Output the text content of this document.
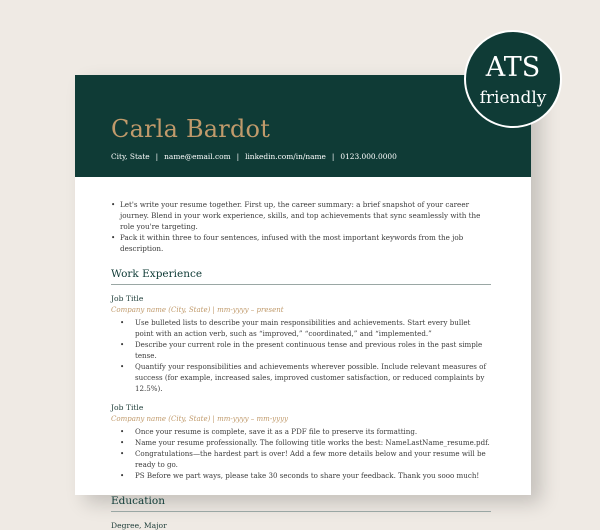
Carla Bardot
City, State | name@email.com | linkedin.com/in/name | 0123.000.0000
• Let's write your resume together. First up, the career summary: a brief snapshot of your career journey. Blend in your work experience, skills, and top achievements that sync seamlessly with the role you're targeting.
• Pack it within three to four sentences, infused with the most important keywords from the job description.
Work Experience
Job Title
Company name (City, State) | mm-yyyy – present
• Use bulleted lists to describe your main responsibilities and achievements. Start every bullet point with an action verb, such as “improved,” “coordinated,” and “implemented.”
• Describe your current role in the present continuous tense and previous roles in the past simple tense.
• Quantify your responsibilities and achievements wherever possible. Include relevant measures of success (for example, increased sales, improved customer satisfaction, or reduced complaints by 12.5%).
Job Title
Company name (City, State) | mm-yyyy – mm-yyyy
• Once your resume is complete, save it as a PDF file to preserve its formatting.
• Name your resume professionally. The following title works the best: NameLastName_resume.pdf.
• Congratulations—the hardest part is over! Add a few more details below and your resume will be ready to go.
• PS Before we part ways, please take 30 seconds to share your feedback. Thank you sooo much!
Education
Degree, Major
ATS
friendly
